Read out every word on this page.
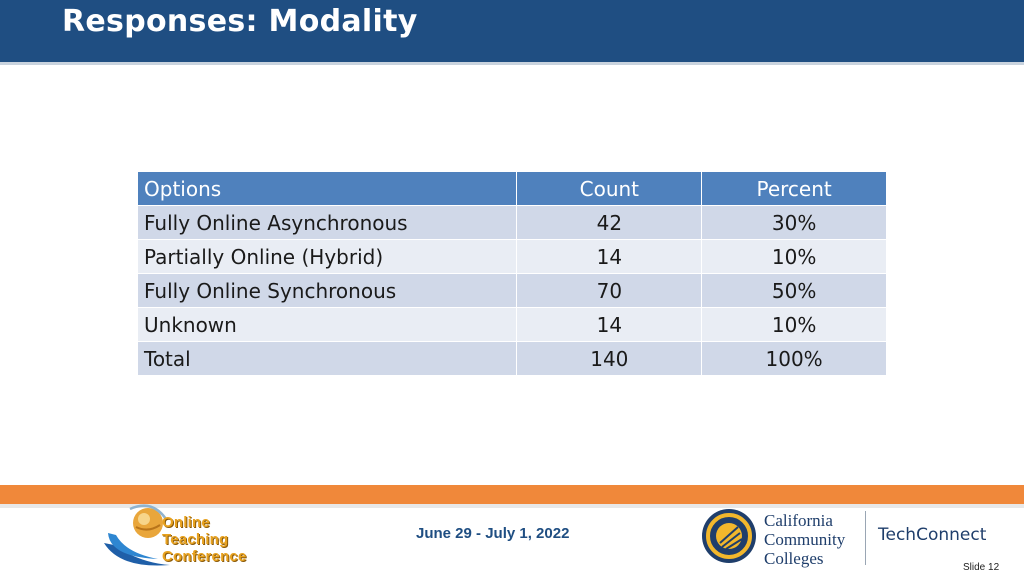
Responses: Modality
Options	Count	Percent
Fully Online Asynchronous	42	30%
Partially Online (Hybrid)	14	10%
Fully Online Synchronous	70	50%
Unknown	14	10%
Total	140	100%

Online
Teaching
Conference

June 29 - July 1, 2022

California
Community
Colleges

TechConnect
Slide 12
